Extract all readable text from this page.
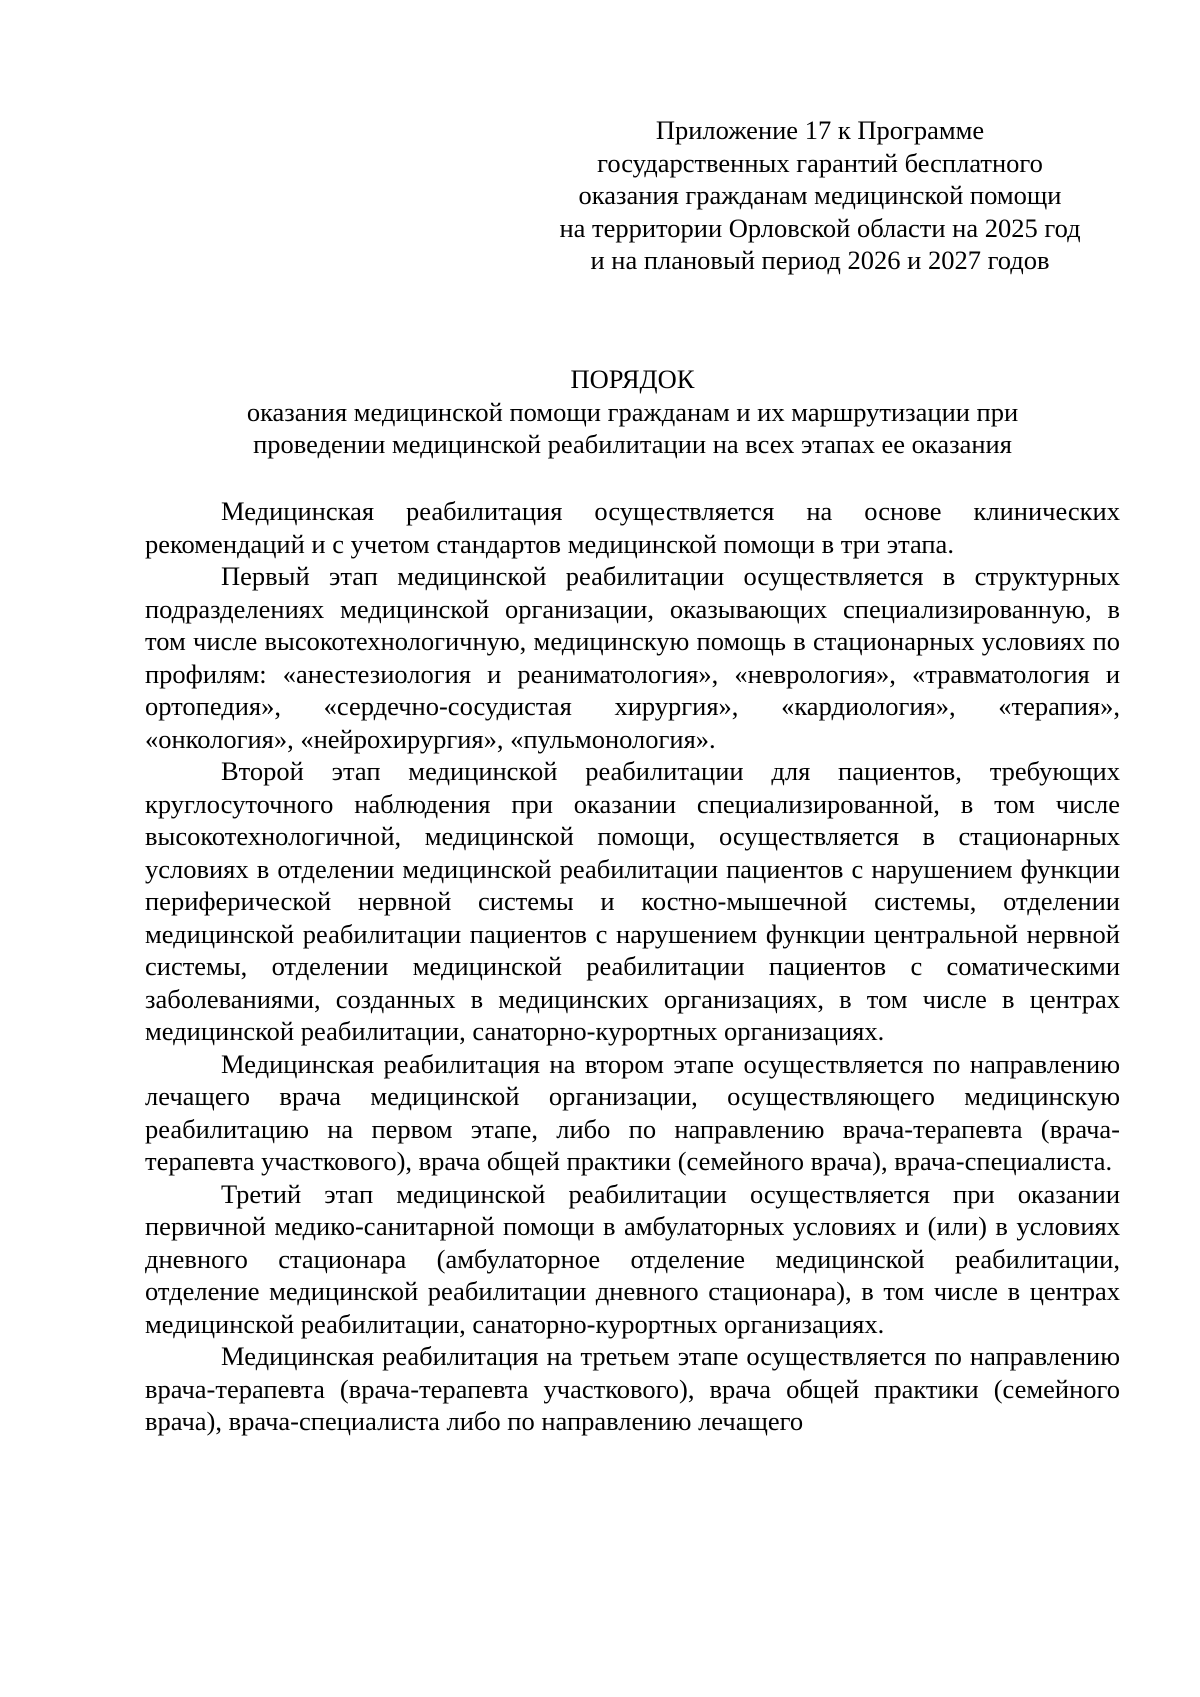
Приложение 17 к Программе
государственных гарантий бесплатного
оказания гражданам медицинской помощи
на территории Орловской области на 2025 год
и на плановый период 2026 и 2027 годов
ПОРЯДОК
оказания медицинской помощи гражданам и их маршрутизации при
проведении медицинской реабилитации на всех этапах ее оказания

Медицинская реабилитация осуществляется на основе клинических рекомендаций и с учетом стандартов медицинской помощи в три этапа.

Первый этап медицинской реабилитации осуществляется в структурных подразделениях медицинской организации, оказывающих специализированную, в том числе высокотехнологичную, медицинскую помощь в стационарных условиях по профилям: «анестезиология и реаниматология», «неврология», «травматология и ортопедия», «сердечно-сосудистая хирургия», «кардиология», «терапия», «онкология», «нейрохирургия», «пульмонология».

Второй этап медицинской реабилитации для пациентов, требующих круглосуточного наблюдения при оказании специализированной, в том числе высокотехнологичной, медицинской помощи, осуществляется в стационарных условиях в отделении медицинской реабилитации пациентов с нарушением функции периферической нервной системы и костно-мышечной системы, отделении медицинской реабилитации пациентов с нарушением функции центральной нервной системы, отделении медицинской реабилитации пациентов с соматическими заболеваниями, созданных в медицинских организациях, в том числе в центрах медицинской реабилитации, санаторно-курортных организациях.

Медицинская реабилитация на втором этапе осуществляется по направлению лечащего врача медицинской организации, осуществляющего медицинскую реабилитацию на первом этапе, либо по направлению врача-терапевта (врача-терапевта участкового), врача общей практики (семейного врача), врача-специалиста.

Третий этап медицинской реабилитации осуществляется при оказании первичной медико-санитарной помощи в амбулаторных условиях и (или) в условиях дневного стационара (амбулаторное отделение медицинской реабилитации, отделение медицинской реабилитации дневного стационара), в том числе в центрах медицинской реабилитации, санаторно-курортных организациях.

Медицинская реабилитация на третьем этапе осуществляется по направлению врача-терапевта (врача-терапевта участкового), врача общей практики (семейного врача), врача-специалиста либо по направлению лечащего
